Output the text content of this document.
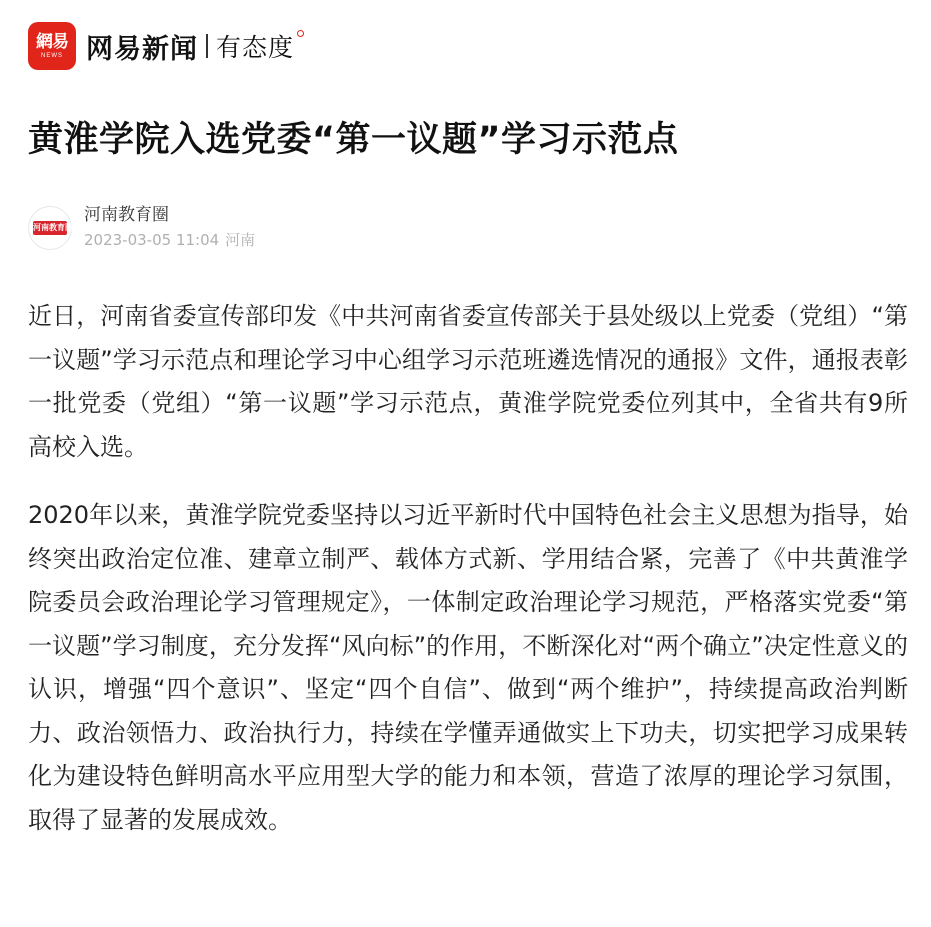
網易
NEWS 网易新闻 有态度
黄淮学院入选党委“第一议题”学习示范点
河南教育圈
河南教育圈
2023-03-05 11:04 河南

近日，河南省委宣传部印发《中共河南省委宣传部关于县处级以上党委（党组）“第一议题”学习示范点和理论学习中心组学习示范班遴选情况的通报》文件，通报表彰一批党委（党组）“第一议题”学习示范点，黄淮学院党委位列其中，全省共有9所高校入选。

2020年以来，黄淮学院党委坚持以习近平新时代中国特色社会主义思想为指导，始终突出政治定位准、建章立制严、载体方式新、学用结合紧，完善了《中共黄淮学院委员会政治理论学习管理规定》，一体制定政治理论学习规范，严格落实党委“第一议题”学习制度，充分发挥“风向标”的作用，不断深化对“两个确立”决定性意义的认识，增强“四个意识”、坚定“四个自信”、做到“两个维护”，持续提高政治判断力、政治领悟力、政治执行力，持续在学懂弄通做实上下功夫，切实把学习成果转化为建设特色鲜明高水平应用型大学的能力和本领，营造了浓厚的理论学习氛围，取得了显著的发展成效。
